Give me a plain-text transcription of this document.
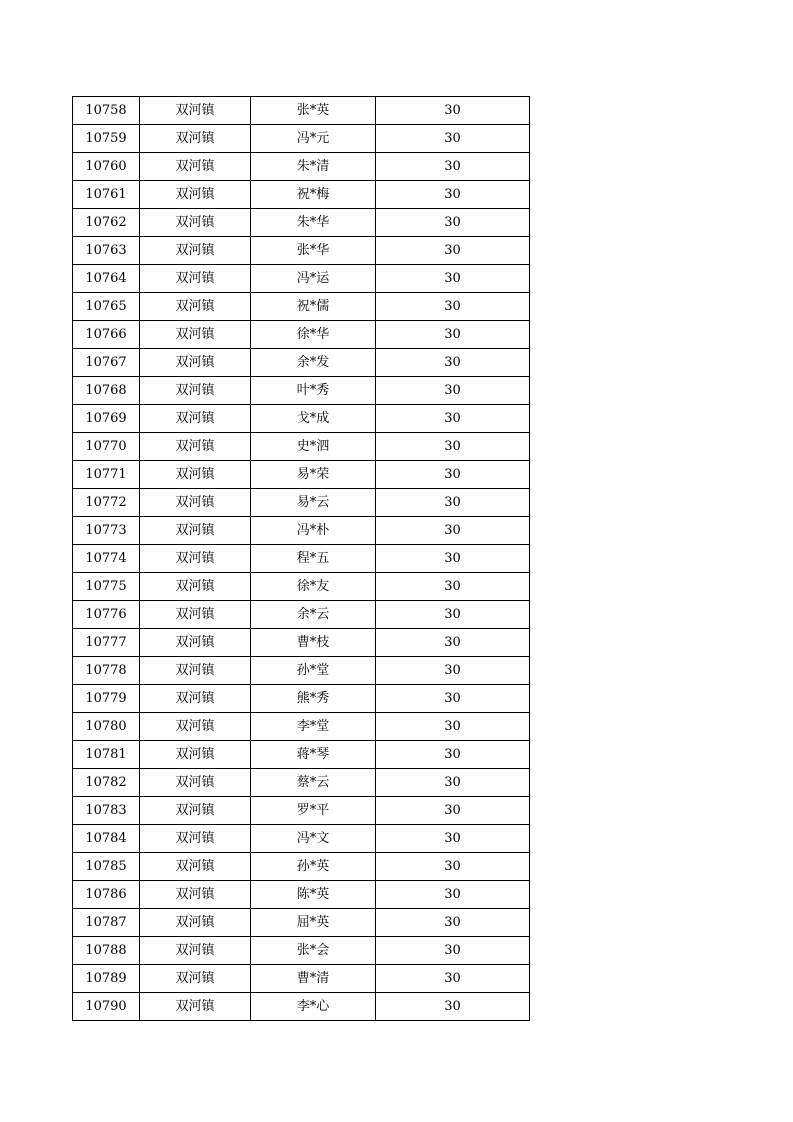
10758	双河镇	张*英	30
10759	双河镇	冯*元	30
10760	双河镇	朱*清	30
10761	双河镇	祝*梅	30
10762	双河镇	朱*华	30
10763	双河镇	张*华	30
10764	双河镇	冯*运	30
10765	双河镇	祝*儒	30
10766	双河镇	徐*华	30
10767	双河镇	余*发	30
10768	双河镇	叶*秀	30
10769	双河镇	戈*成	30
10770	双河镇	史*泗	30
10771	双河镇	易*荣	30
10772	双河镇	易*云	30
10773	双河镇	冯*朴	30
10774	双河镇	程*五	30
10775	双河镇	徐*友	30
10776	双河镇	余*云	30
10777	双河镇	曹*枝	30
10778	双河镇	孙*堂	30
10779	双河镇	熊*秀	30
10780	双河镇	李*堂	30
10781	双河镇	蒋*琴	30
10782	双河镇	蔡*云	30
10783	双河镇	罗*平	30
10784	双河镇	冯*文	30
10785	双河镇	孙*英	30
10786	双河镇	陈*英	30
10787	双河镇	屈*英	30
10788	双河镇	张*会	30
10789	双河镇	曹*清	30
10790	双河镇	李*心	30
